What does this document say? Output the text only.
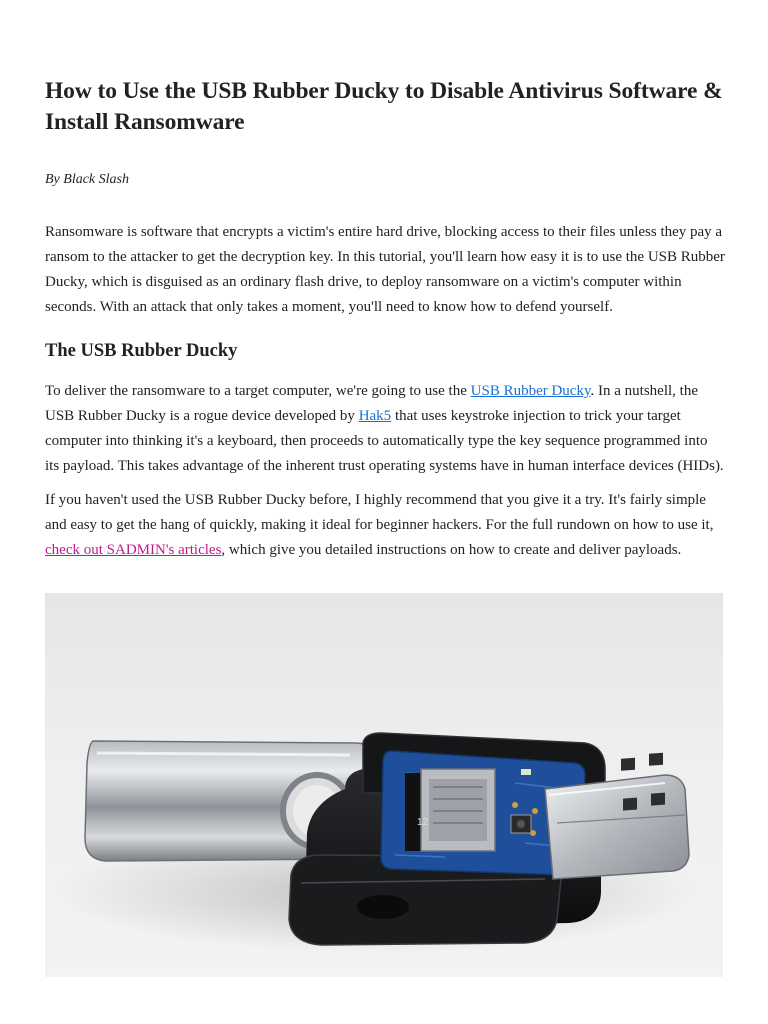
How to Use the USB Rubber Ducky to Disable Antivirus Software & Install Ransomware
By Black Slash

Ransomware is software that encrypts a victim's entire hard drive, blocking access to their files unless they pay a ransom to the attacker to get the decryption key. In this tutorial, you'll learn how easy it is to use the USB Rubber Ducky, which is disguised as an ordinary flash drive, to deploy ransomware on a victim's computer within seconds. With an attack that only takes a moment, you'll need to know how to defend yourself.

The USB Rubber Ducky

To deliver the ransomware to a target computer, we're going to use the USB Rubber Ducky. In a nutshell, the USB Rubber Ducky is a rogue device developed by Hak5 that uses keystroke injection to trick your target computer into thinking it's a keyboard, then proceeds to automatically type the key sequence programmed into its payload. This takes advantage of the inherent trust operating systems have in human interface devices (HIDs).

If you haven't used the USB Rubber Ducky before, I highly recommend that you give it a try. It's fairly simple and easy to get the hang of quickly, making it ideal for beginner hackers. For the full rundown on how to use it, check out SADMIN's articles, which give you detailed instructions on how to create and deliver payloads.

12
